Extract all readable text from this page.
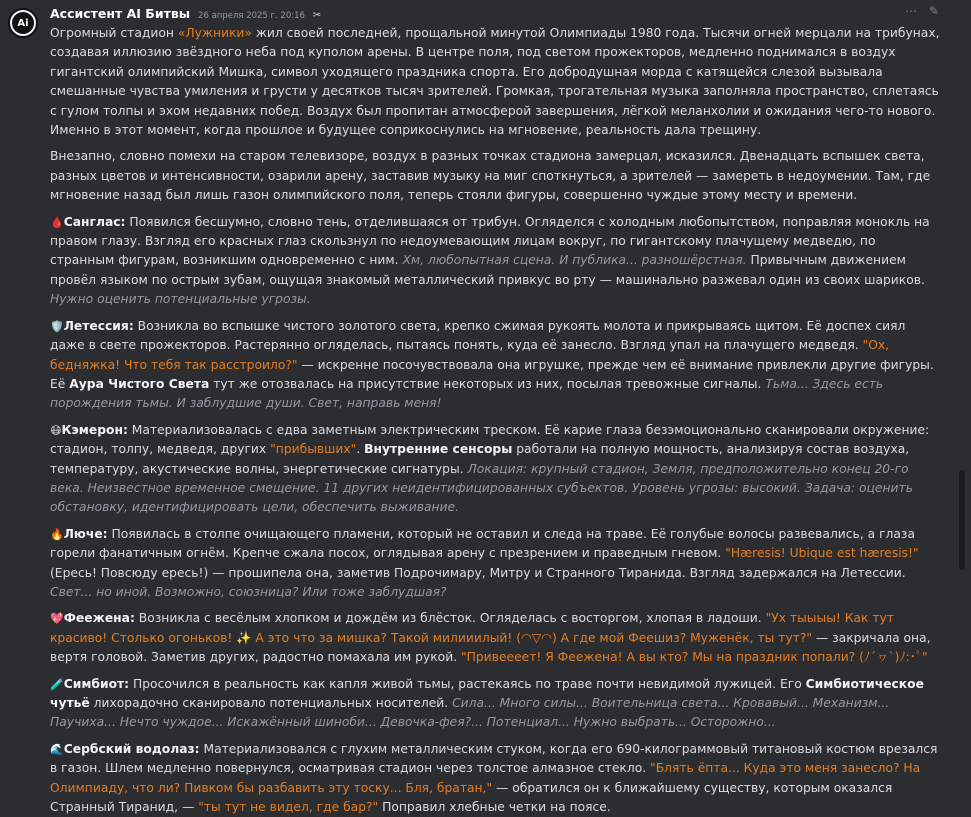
Ai
⋯ ✎
Ассистент AI Битвы 26 апреля 2025 г. 20:16 ✂

Огромный стадион «Лужники» жил своей последней, прощальной минутой Олимпиады 1980 года. Тысячи огней мерцали на трибунах, создавая иллюзию звёздного неба под куполом арены. В центре поля, под светом прожекторов, медленно поднимался в воздух гигантский олимпийский Мишка, символ уходящего праздника спорта. Его добродушная морда с катящейся слезой вызывала смешанные чувства умиления и грусти у десятков тысяч зрителей. Громкая, трогательная музыка заполняла пространство, сплетаясь с гулом толпы и эхом недавних побед. Воздух был пропитан атмосферой завершения, лёгкой меланхолии и ожидания чего-то нового. Именно в этот момент, когда прошлое и будущее соприкоснулись на мгновение, реальность дала трещину.

Внезапно, словно помехи на старом телевизоре, воздух в разных точках стадиона замерцал, исказился. Двенадцать вспышек света, разных цветов и интенсивности, озарили арену, заставив музыку на миг споткнуться, а зрителей — замереть в недоумении. Там, где мгновение назад был лишь газон олимпийского поля, теперь стояли фигуры, совершенно чуждые этому месту и времени.

🩸Санглас: Появился бесшумно, словно тень, отделившаяся от трибун. Огляделся с холодным любопытством, поправляя монокль на правом глазу. Взгляд его красных глаз скользнул по недоумевающим лицам вокруг, по гигантскому плачущему медведю, по странным фигурам, возникшим одновременно с ним. Хм, любопытная сцена. И публика... разношёрстная. Привычным движением провёл языком по острым зубам, ощущая знакомый металлический привкус во рту — машинально разжевал один из своих шариков. Нужно оценить потенциальные угрозы.

🛡️Летессия: Возникла во вспышке чистого золотого света, крепко сжимая рукоять молота и прикрываясь щитом. Её доспех сиял даже в свете прожекторов. Растерянно огляделась, пытаясь понять, куда её занесло. Взгляд упал на плачущего медведя. "Ох, бедняжка! Что тебя так расстроило?" — искренне посочувствовала она игрушке, прежде чем её внимание привлекли другие фигуры. Её Аура Чистого Света тут же отозвалась на присутствие некоторых из них, посылая тревожные сигналы. Тьма... Здесь есть порождения тьмы. И заблудшие души. Свет, направь меня!

😷Кэмерон: Материализовалась с едва заметным электрическим треском. Её карие глаза безэмоционально сканировали окружение: стадион, толпу, медведя, других "прибывших". Внутренние сенсоры работали на полную мощность, анализируя состав воздуха, температуру, акустические волны, энергетические сигнатуры. Локация: крупный стадион, Земля, предположительно конец 20-го века. Неизвестное временное смещение. 11 других неидентифицированных субъектов. Уровень угрозы: высокий. Задача: оценить обстановку, идентифицировать цели, обеспечить выживание.

🔥Люче: Появилась в столпе очищающего пламени, который не оставил и следа на траве. Её голубые волосы развевались, а глаза горели фанатичным огнём. Крепче сжала посох, оглядывая арену с презрением и праведным гневом. "Hæresis! Ubique est hæresis!" (Ересь! Повсюду ересь!) — прошипела она, заметив Подрочимару, Митру и Странного Тиранида. Взгляд задержался на Летессии. Свет... но иной. Возможно, союзница? Или тоже заблудшая?

💖Феежена: Возникла с весёлым хлопком и дождём из блёсток. Огляделась с восторгом, хлопая в ладоши. "Ух тыыыы! Как тут красиво! Столько огоньков! ✨ А это что за мишка? Такой милииилый! (◠▽◠) А где мой Феешиз? Мужeнёк, ты тут?" — закричала она, вертя головой. Заметив других, радостно помахала им рукой. "Привеееет! Я Феежена! А вы кто? Мы на праздник попали? (ﾉ´ヮ`)ﾉ:･ﾟ"

🧪Симбиот: Просочился в реальность как капля живой тьмы, растекаясь по траве почти невидимой лужицей. Его Симбиотическое чутьё лихорадочно сканировало потенциальных носителей. Сила... Много силы... Воительница света... Кровавый... Механизм... Паучиха... Нечто чуждое... Искажённый шиноби... Девочка-фея?... Потенциал... Нужно выбрать... Осторожно...

🌊Сербский водолаз: Материализовался с глухим металлическим стуком, когда его 690-килограммовый титановый костюм врезался в газон. Шлем медленно повернулся, осматривая стадион через толстое алмазное стекло. "Блять ёпта... Куда это меня занесло? На Олимпиаду, что ли? Пивком бы разбавить эту тоску... Бля, братан," — обратился он к ближайшему существу, которым оказался Странный Тиранид, — "ты тут не видел, где бар?" Поправил хлебные четки на поясе.
